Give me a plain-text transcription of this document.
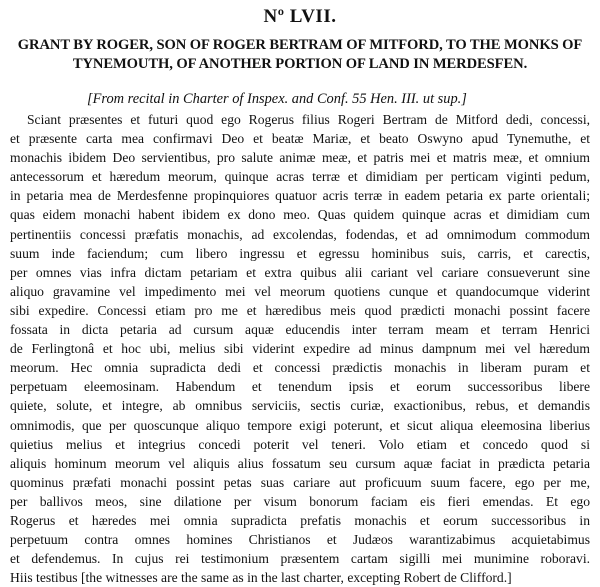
Nº LVII.
GRANT BY ROGER, SON OF ROGER BERTRAM OF MITFORD, TO THE MONKS OF TYNEMOUTH, OF ANOTHER PORTION OF LAND IN MERDESFEN.
[From recital in Charter of Inspex. and Conf. 55 Hen. III. ut sup.]
Sciant præsentes et futuri quod ego Rogerus filius Rogeri Bertram de Mitford dedi, concessi,
et præsente carta mea confirmavi Deo et beatæ Mariæ, et beato Oswyno apud Tynemuthe, et
monachis ibidem Deo servientibus, pro salute animæ meæ, et patris mei et matris meæ, et omnium
antecessorum et hæredum meorum, quinque acras terræ et dimidiam per perticam viginti pedum,
in petaria mea de Merdesfenne propinquiores quatuor acris terræ in eadem petaria ex parte orientali;
quas eidem monachi habent ibidem ex dono meo. Quas quidem quinque acras et dimidiam cum
pertinentiis concessi præfatis monachis, ad excolendas, fodendas, et ad omnimodum commodum
suum inde faciendum; cum libero ingressu et egressu hominibus suis, carris, et carectis,
per omnes vias infra dictam petariam et extra quibus alii cariant vel cariare consueverunt sine
aliquo gravamine vel impedimento mei vel meorum quotiens cunque et quandocumque viderint
sibi expedire. Concessi etiam pro me et hæredibus meis quod prædicti monachi possint facere
fossata in dicta petaria ad cursum aquæ educendis inter terram meam et terram Henrici
de Ferlingtonâ et hoc ubi, melius sibi viderint expedire ad minus dampnum mei vel hæredum
meorum. Hec omnia supradicta dedi et concessi prædictis monachis in liberam puram et
perpetuam eleemosinam. Habendum et tenendum ipsis et eorum successoribus libere
quiete, solute, et integre, ab omnibus serviciis, sectis curiæ, exactionibus, rebus, et demandis
omnimodis, que per quoscunque aliquo tempore exigi poterunt, et sicut aliqua eleemosina liberius
quietius melius et integrius concedi poterit vel teneri. Volo etiam et concedo quod si
aliquis hominum meorum vel aliquis alius fossatum seu cursum aquæ faciat in prædicta petaria
quominus præfati monachi possint petas suas cariare aut proficuum suum facere, ego per me,
per ballivos meos, sine dilatione per visum bonorum faciam eis fieri emendas. Et ego
Rogerus et hæredes mei omnia supradicta prefatis monachis et eorum successoribus in
perpetuum contra omnes homines Christianos et Judæos warantizabimus acquietabimus
et defendemus. In cujus rei testimonium præsentem cartam sigilli mei munimine roboravi.
Hiis testibus [the witnesses are the same as in the last charter, excepting Robert de Clifford.]
